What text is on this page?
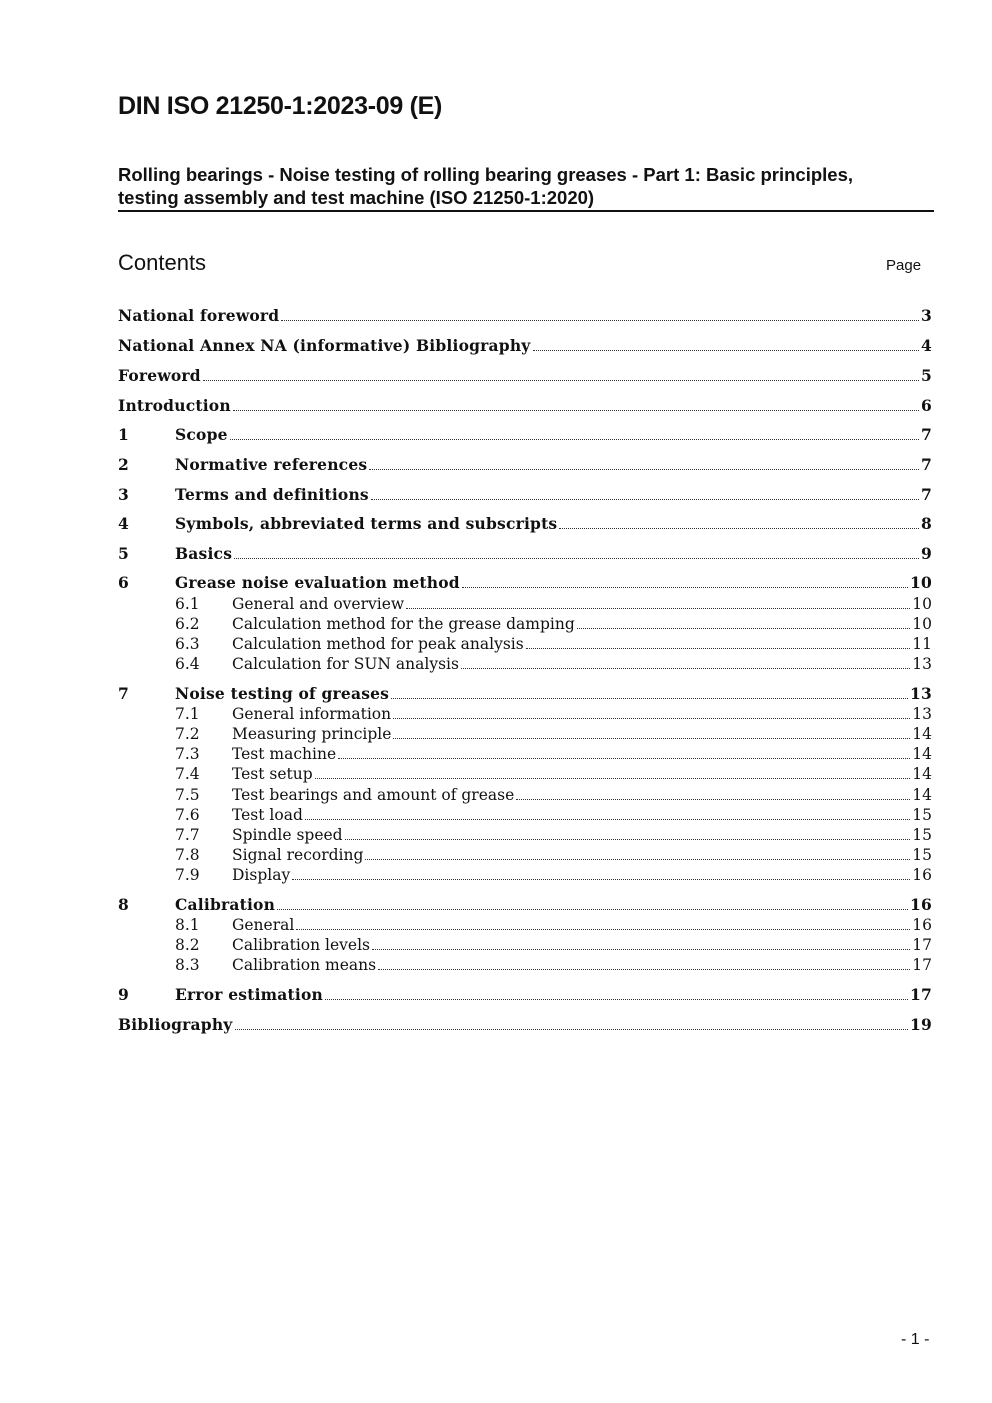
DIN ISO 21250-1:2023-09 (E)
Rolling bearings - Noise testing of rolling bearing greases - Part 1: Basic principles,
testing assembly and test machine (ISO 21250-1:2020)
Contents	Page
National foreword	3
National Annex NA (informative) Bibliography	4
Foreword	5
Introduction	6
1	Scope	7
2	Normative references	7
3	Terms and definitions	7
4	Symbols, abbreviated terms and subscripts	8
5	Basics	9
6	Grease noise evaluation method	10
6.1	General and overview	10
6.2	Calculation method for the grease damping	10
6.3	Calculation method for peak analysis	11
6.4	Calculation for SUN analysis	13
7	Noise testing of greases	13
7.1	General information	13
7.2	Measuring principle	14
7.3	Test machine	14
7.4	Test setup	14
7.5	Test bearings and amount of grease	14
7.6	Test load	15
7.7	Spindle speed	15
7.8	Signal recording	15
7.9	Display	16
8	Calibration	16
8.1	General	16
8.2	Calibration levels	17
8.3	Calibration means	17
9	Error estimation	17
Bibliography	19
- 1 -
